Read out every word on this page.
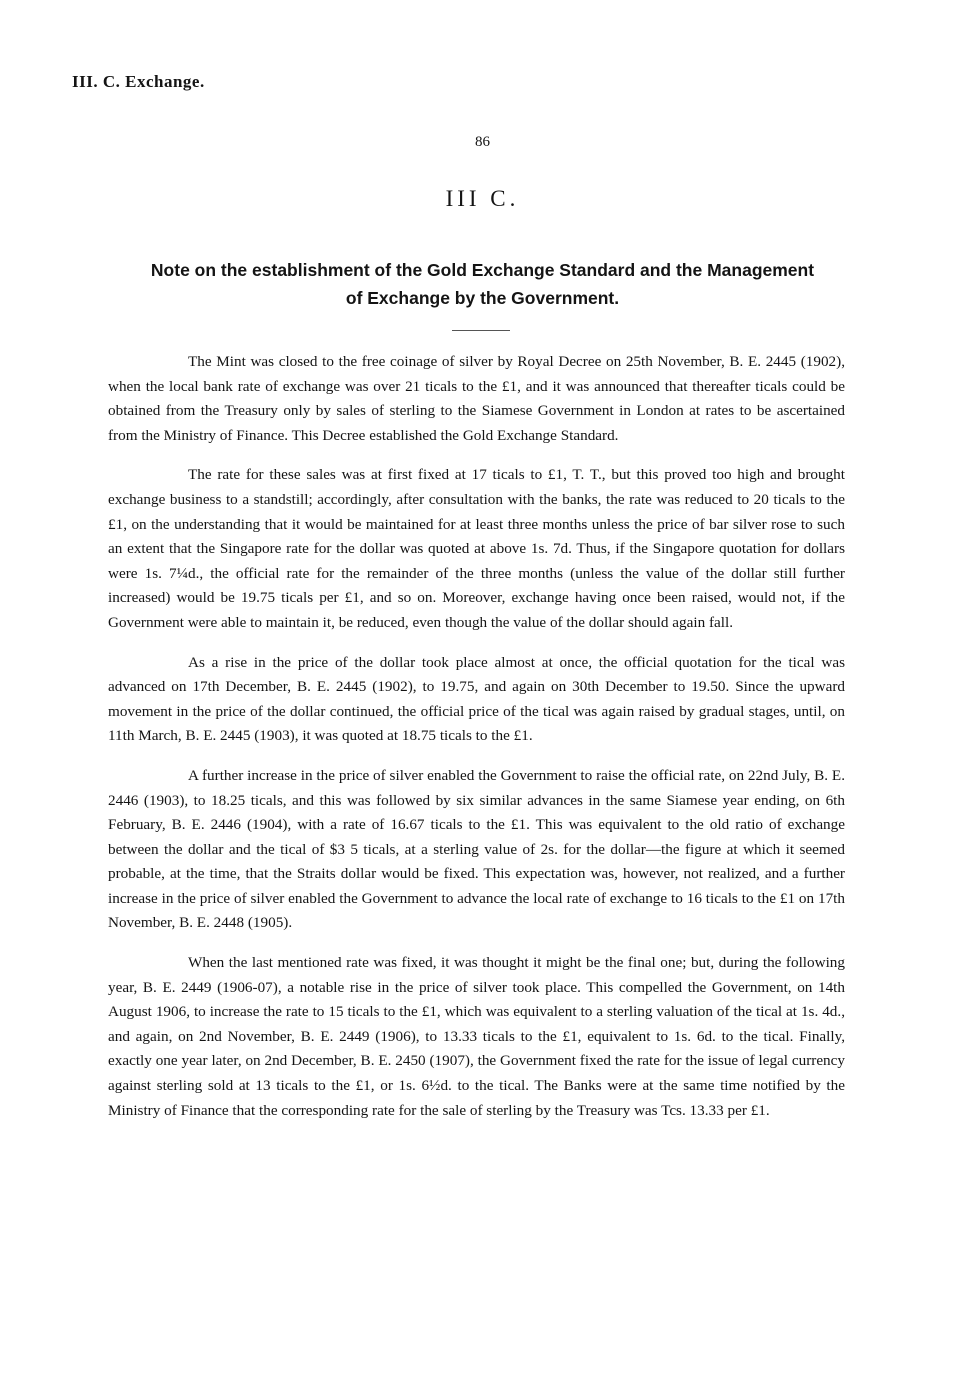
III. C. Exchange.
86
III C.
Note on the establishment of the Gold Exchange Standard and the Management of Exchange by the Government.

The Mint was closed to the free coinage of silver by Royal Decree on 25th November, B. E. 2445 (1902), when the local bank rate of exchange was over 21 ticals to the £1, and it was announced that thereafter ticals could be obtained from the Treasury only by sales of sterling to the Siamese Government in London at rates to be ascertained from the Ministry of Finance. This Decree established the Gold Exchange Standard.

The rate for these sales was at first fixed at 17 ticals to £1, T. T., but this proved too high and brought exchange business to a standstill; accordingly, after consultation with the banks, the rate was reduced to 20 ticals to the £1, on the understanding that it would be maintained for at least three months unless the price of bar silver rose to such an extent that the Singapore rate for the dollar was quoted at above 1s. 7d. Thus, if the Singapore quotation for dollars were 1s. 7¼d., the official rate for the remainder of the three months (unless the value of the dollar still further increased) would be 19.75 ticals per £1, and so on. Moreover, exchange having once been raised, would not, if the Government were able to maintain it, be reduced, even though the value of the dollar should again fall.

As a rise in the price of the dollar took place almost at once, the official quotation for the tical was advanced on 17th December, B. E. 2445 (1902), to 19.75, and again on 30th December to 19.50. Since the upward movement in the price of the dollar continued, the official price of the tical was again raised by gradual stages, until, on 11th March, B. E. 2445 (1903), it was quoted at 18.75 ticals to the £1.

A further increase in the price of silver enabled the Government to raise the official rate, on 22nd July, B. E. 2446 (1903), to 18.25 ticals, and this was followed by six similar advances in the same Siamese year ending, on 6th February, B. E. 2446 (1904), with a rate of 16.67 ticals to the £1. This was equivalent to the old ratio of exchange between the dollar and the tical of $3 5 ticals, at a sterling value of 2s. for the dollar—the figure at which it seemed probable, at the time, that the Straits dollar would be fixed. This expectation was, however, not realized, and a further increase in the price of silver enabled the Government to advance the local rate of exchange to 16 ticals to the £1 on 17th November, B. E. 2448 (1905).

When the last mentioned rate was fixed, it was thought it might be the final one; but, during the following year, B. E. 2449 (1906-07), a notable rise in the price of silver took place. This compelled the Government, on 14th August 1906, to increase the rate to 15 ticals to the £1, which was equivalent to a sterling valuation of the tical at 1s. 4d., and again, on 2nd November, B. E. 2449 (1906), to 13.33 ticals to the £1, equivalent to 1s. 6d. to the tical. Finally, exactly one year later, on 2nd December, B. E. 2450 (1907), the Government fixed the rate for the issue of legal currency against sterling sold at 13 ticals to the £1, or 1s. 6½d. to the tical. The Banks were at the same time notified by the Ministry of Finance that the corresponding rate for the sale of sterling by the Treasury was Tcs. 13.33 per £1.
